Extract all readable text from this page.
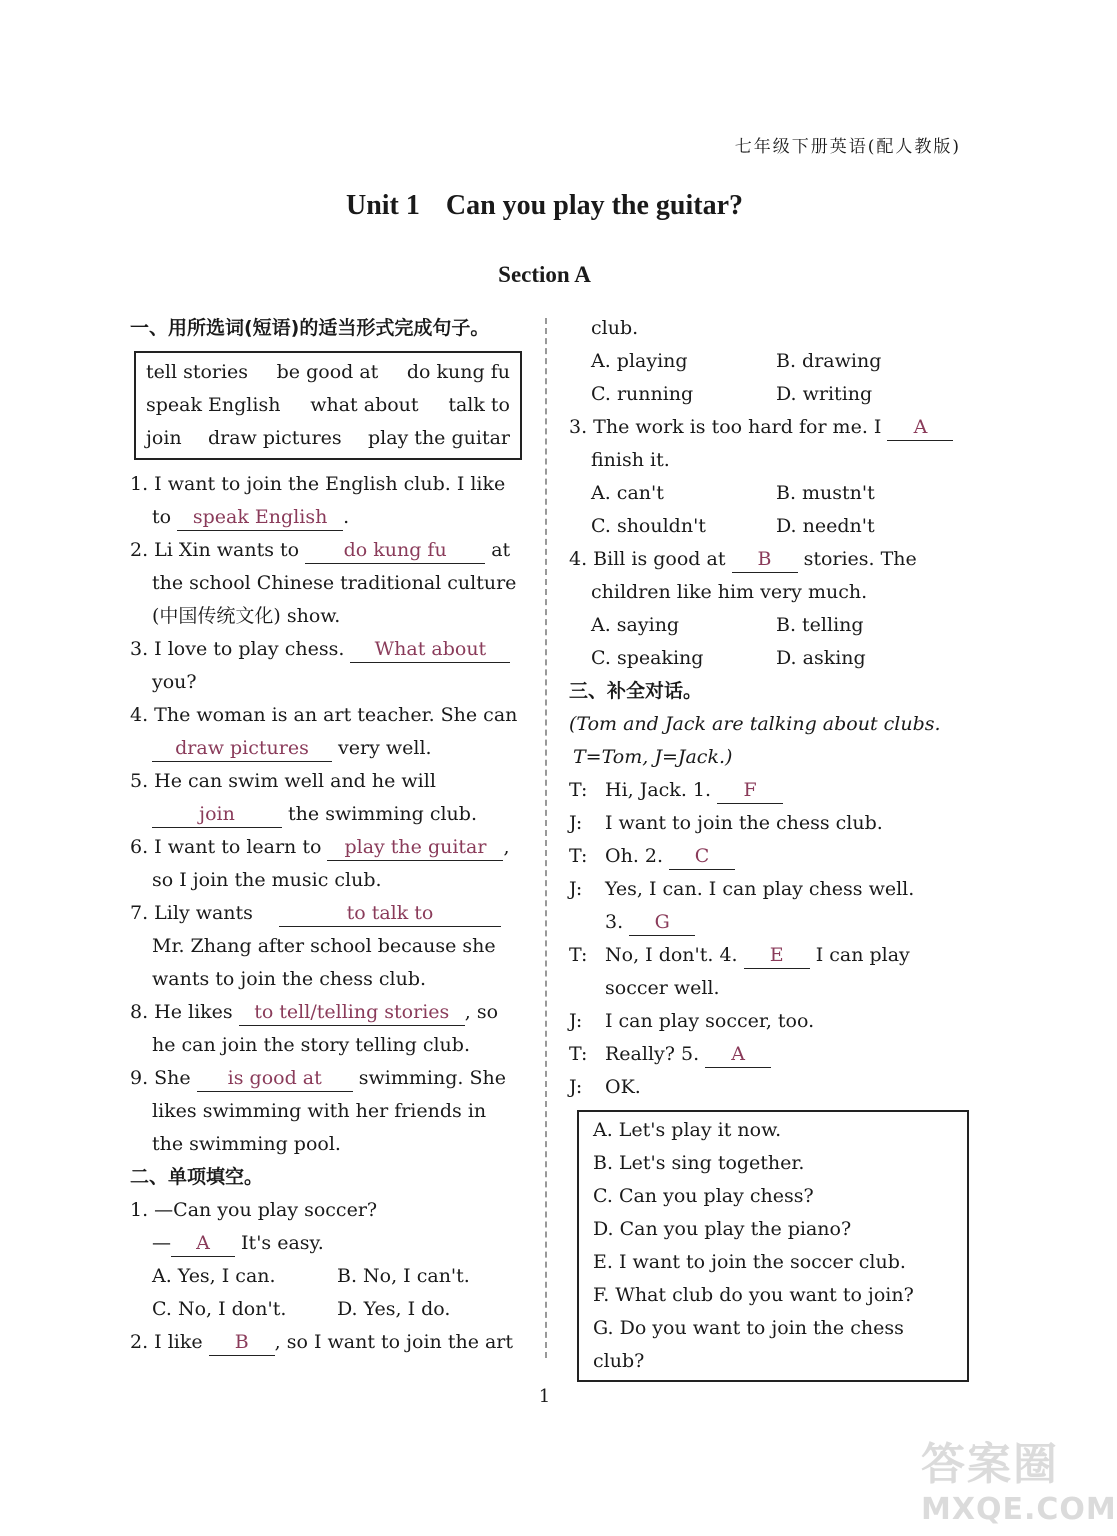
七年级下册英语(配人教版)
Unit 1 Can you play the guitar?
Section A
一、用所选词(短语)的适当形式完成句子。
tell stories be good at do kung fu
speak English what about talk to
join draw pictures play the guitar
1. I want to join the English club. I like
to speak English .
2. Li Xin wants to do kung fu at
the school Chinese traditional culture
(中国传统文化) show.
3. I love to play chess. What about
you?
4. The woman is an art teacher. She can
draw pictures very well.
5. He can swim well and he will
join	the swimming club.
6. I want to learn to play the guitar ,
so I join the music club.
7. Lily wants	to talk to
Mr. Zhang after school because she
wants to join the chess club.
8. He likes to tell/telling stories , so
he can join the story telling club.
9. She is good at swimming. She
likes swimming with her friends in
the swimming pool.
二、单项填空。
1. —Can you play soccer?
— A It's easy.
A. Yes, I can.	B. No, I can't.
C. No, I don't.	D. Yes, I do.
2. I like B , so I want to join the art
club.
A. playing	B. drawing
C. running	D. writing
3. The work is too hard for me. I A
finish it.
A. can't	B. mustn't
C. shouldn't	D. needn't
4. Bill is good at B stories. The
children like him very much.
A. saying	B. telling
C. speaking	D. asking
三、补全对话。
(Tom and Jack are talking about clubs.
T=Tom, J=Jack.)
T: Hi, Jack. 1. F
J:	I want to join the chess club.
T: Oh. 2. C
J:	Yes, I can. I can play chess well.
3. G
T: No, I don't. 4. E I can play
soccer well.
J:	I can play soccer, too.
T: Really? 5. A
J:	OK.
A. Let's play it now.
B. Let's sing together.
C. Can you play chess?
D. Can you play the piano?
E. I want to join the soccer club.
F. What club do you want to join?
G. Do you want to join the chess club?
1
答案圈
MXQE.COM
